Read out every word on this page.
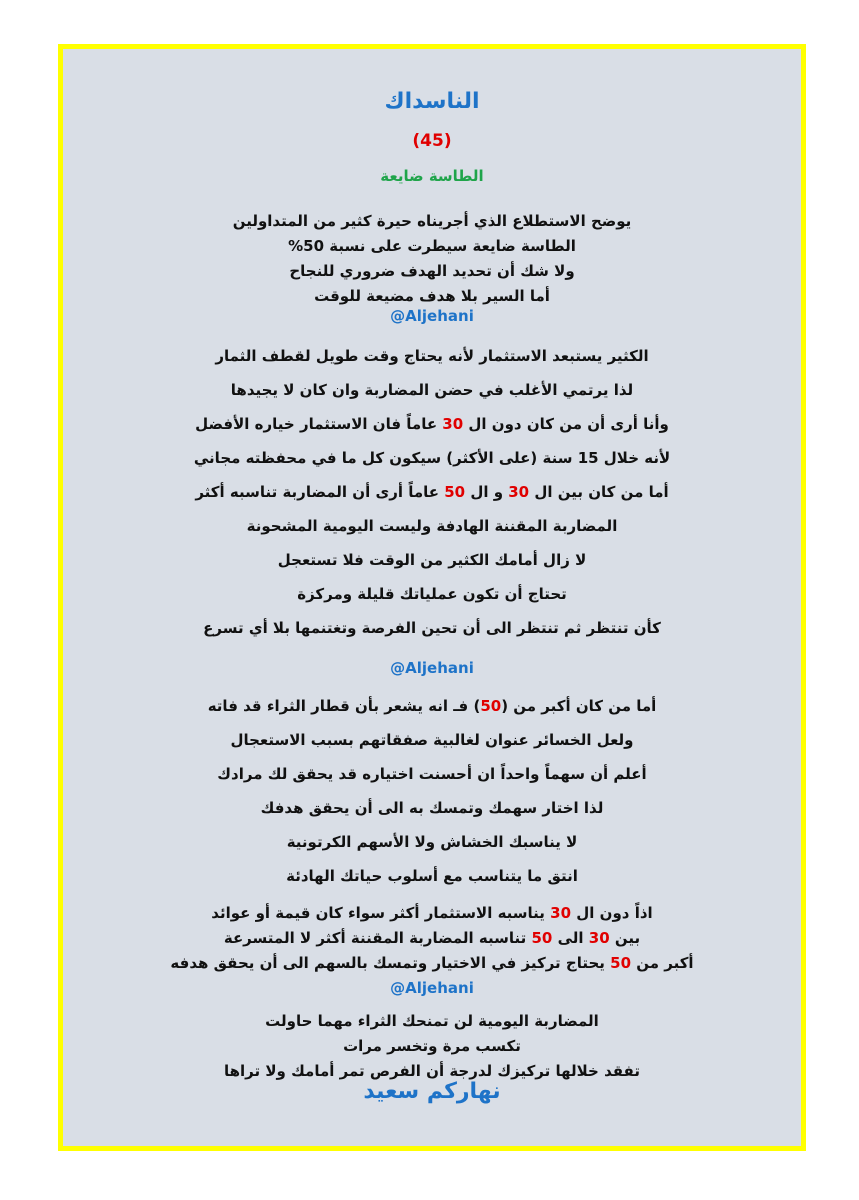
الناسداك
(45)
الطاسة ضايعة
يوضح الاستطلاع الذي أجريناه حيرة كثير من المتداولين
الطاسة ضايعة سيطرت على نسبة 50%
ولا شك أن تحديد الهدف ضروري للنجاح
أما السير بلا هدف مضيعة للوقت
@Aljehani
الكثير يستبعد الاستثمار لأنه يحتاج وقت طويل لقطف الثمار
لذا يرتمي الأغلب في حضن المضاربة وان كان لا يجيدها
وأنا أرى أن من كان دون ال 30 عاماً فان الاستثمار خياره الأفضل
لأنه خلال 15 سنة (على الأكثر) سيكون كل ما في محفظته مجاني
أما من كان بين ال 30 و ال 50 عاماً أرى أن المضاربة تناسبه أكثر
المضاربة المقننة الهادفة وليست اليومية المشحونة
لا زال أمامك الكثير من الوقت فلا تستعجل
تحتاج أن تكون عملياتك قليلة ومركزة
كأن تنتظر ثم تنتظر الى أن تحين الفرصة وتغتنمها بلا أي تسرع
@Aljehani
أما من كان أكبر من (50) فـ انه يشعر بأن قطار الثراء قد فاته
ولعل الخسائر عنوان لغالبية صفقاتهم بسبب الاستعجال
أعلم أن سهماً واحداً ان أحسنت اختياره قد يحقق لك مرادك
لذا اختار سهمك وتمسك به الى أن يحقق هدفك
لا يناسبك الخشاش ولا الأسهم الكرتونية
انتق ما يتناسب مع أسلوب حياتك الهادئة
اذاً دون ال 30 يناسبه الاستثمار أكثر سواء كان قيمة أو عوائد
بين 30 الى 50 تناسبه المضاربة المقننة أكثر لا المتسرعة
أكبر من 50 يحتاج تركيز في الاختيار وتمسك بالسهم الى أن يحقق هدفه
@Aljehani
المضاربة اليومية لن تمنحك الثراء مهما حاولت
تكسب مرة وتخسر مرات
تفقد خلالها تركيزك لدرجة أن الفرص تمر أمامك ولا تراها
نهاركم سعيد
